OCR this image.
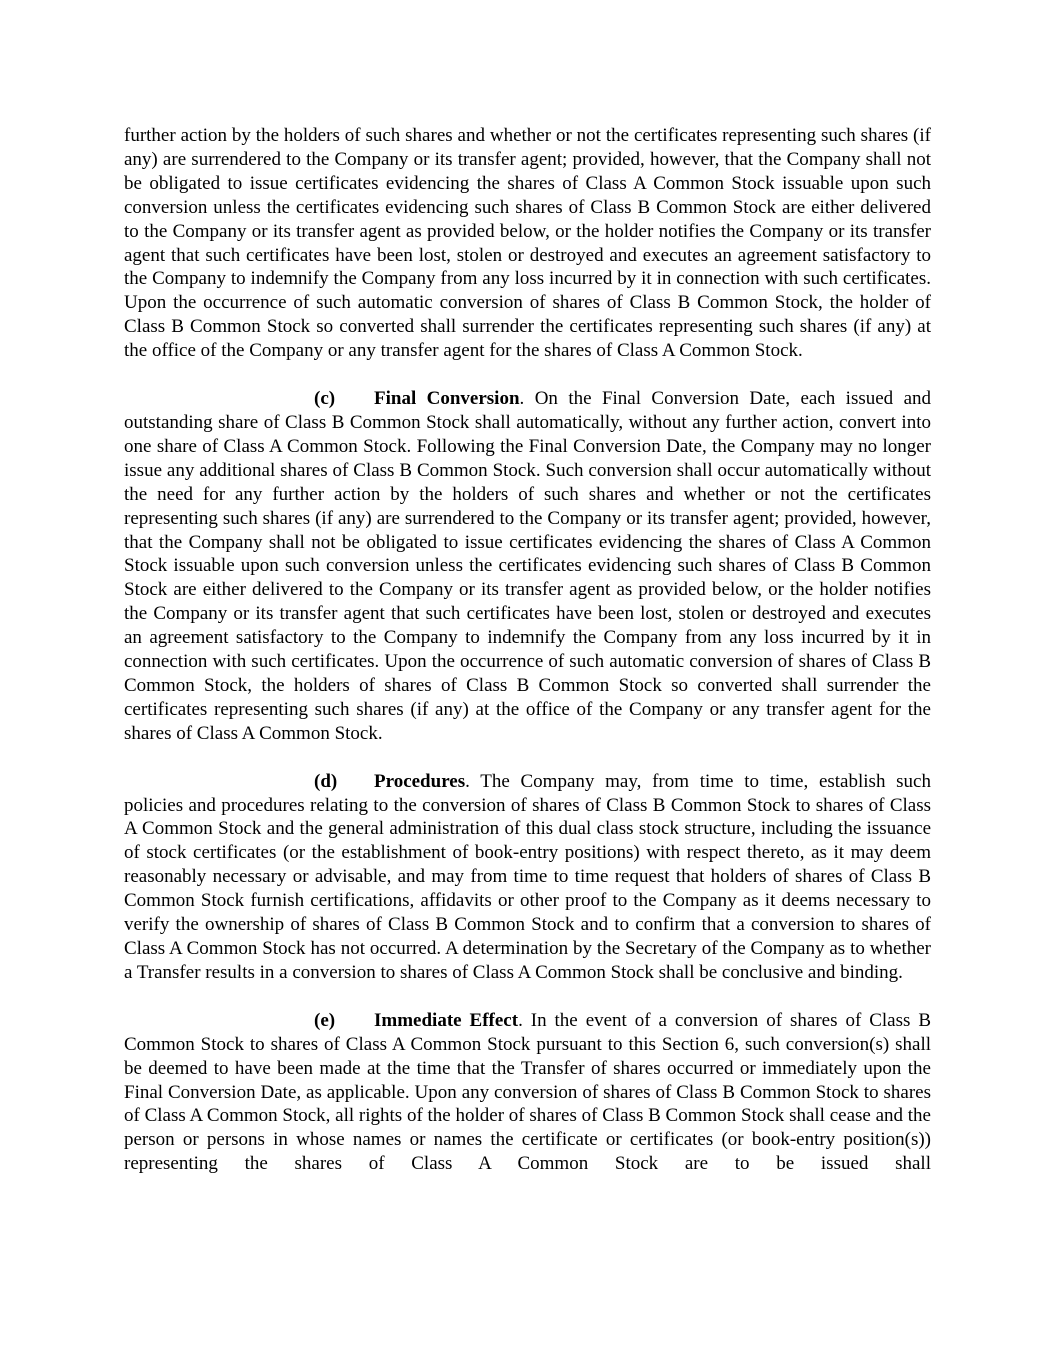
further action by the holders of such shares and whether or not the certificates representing such shares (if any) are surrendered to the Company or its transfer agent; provided, however, that the Company shall not be obligated to issue certificates evidencing the shares of Class A Common Stock issuable upon such conversion unless the certificates evidencing such shares of Class B Common Stock are either delivered to the Company or its transfer agent as provided below, or the holder notifies the Company or its transfer agent that such certificates have been lost, stolen or destroyed and executes an agreement satisfactory to the Company to indemnify the Company from any loss incurred by it in connection with such certificates. Upon the occurrence of such automatic conversion of shares of Class B Common Stock, the holder of Class B Common Stock so converted shall surrender the certificates representing such shares (if any) at the office of the Company or any transfer agent for the shares of Class A Common Stock.

(c) Final Conversion. On the Final Conversion Date, each issued and outstanding share of Class B Common Stock shall automatically, without any further action, convert into one share of Class A Common Stock. Following the Final Conversion Date, the Company may no longer issue any additional shares of Class B Common Stock. Such conversion shall occur automatically without the need for any further action by the holders of such shares and whether or not the certificates representing such shares (if any) are surrendered to the Company or its transfer agent; provided, however, that the Company shall not be obligated to issue certificates evidencing the shares of Class A Common Stock issuable upon such conversion unless the certificates evidencing such shares of Class B Common Stock are either delivered to the Company or its transfer agent as provided below, or the holder notifies the Company or its transfer agent that such certificates have been lost, stolen or destroyed and executes an agreement satisfactory to the Company to indemnify the Company from any loss incurred by it in connection with such certificates. Upon the occurrence of such automatic conversion of shares of Class B Common Stock, the holders of shares of Class B Common Stock so converted shall surrender the certificates representing such shares (if any) at the office of the Company or any transfer agent for the shares of Class A Common Stock.

(d) Procedures. The Company may, from time to time, establish such policies and procedures relating to the conversion of shares of Class B Common Stock to shares of Class A Common Stock and the general administration of this dual class stock structure, including the issuance of stock certificates (or the establishment of book-entry positions) with respect thereto, as it may deem reasonably necessary or advisable, and may from time to time request that holders of shares of Class B Common Stock furnish certifications, affidavits or other proof to the Company as it deems necessary to verify the ownership of shares of Class B Common Stock and to confirm that a conversion to shares of Class A Common Stock has not occurred. A determination by the Secretary of the Company as to whether a Transfer results in a conversion to shares of Class A Common Stock shall be conclusive and binding.

(e) Immediate Effect. In the event of a conversion of shares of Class B Common Stock to shares of Class A Common Stock pursuant to this Section 6, such conversion(s) shall be deemed to have been made at the time that the Transfer of shares occurred or immediately upon the Final Conversion Date, as applicable. Upon any conversion of shares of Class B Common Stock to shares of Class A Common Stock, all rights of the holder of shares of Class B Common Stock shall cease and the person or persons in whose names or names the certificate or certificates (or book-entry position(s)) representing the shares of Class A Common Stock are to be issued shall
